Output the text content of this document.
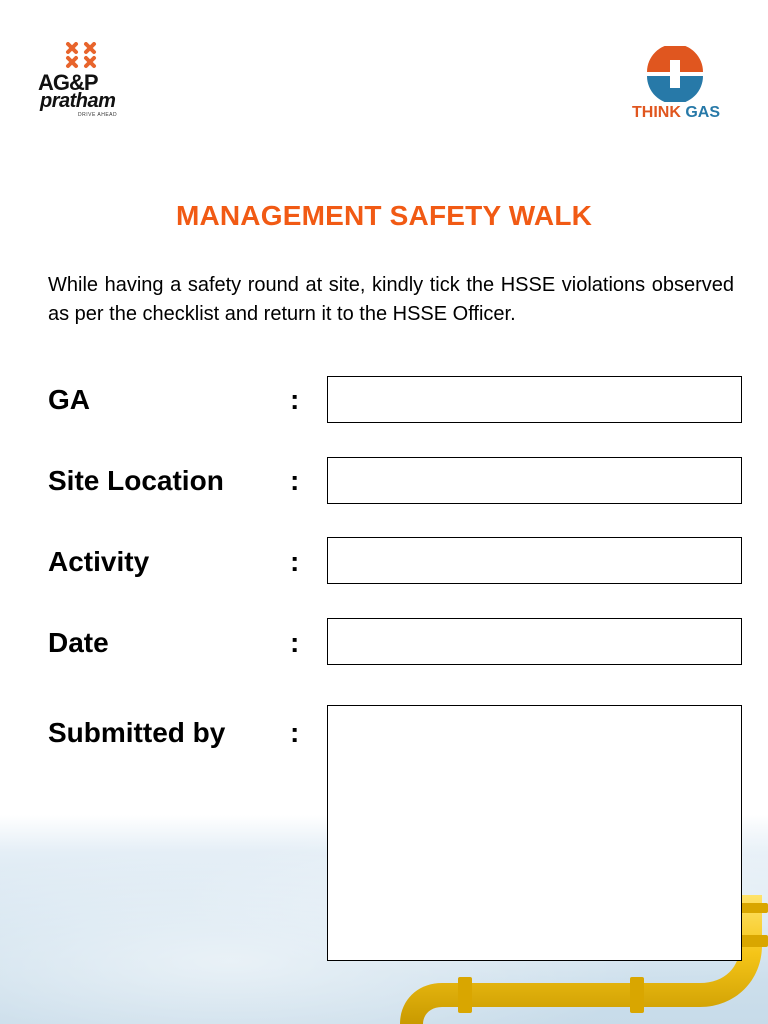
AG&P
pratham
DRIVE AHEAD	THINK GAS
MANAGEMENT SAFETY WALK
While having a safety round at site, kindly tick the HSSE violations observed as per the checklist and return it to the HSSE Officer.
GA	:
Site Location :
Activity	:
Date	:
Submitted by :
